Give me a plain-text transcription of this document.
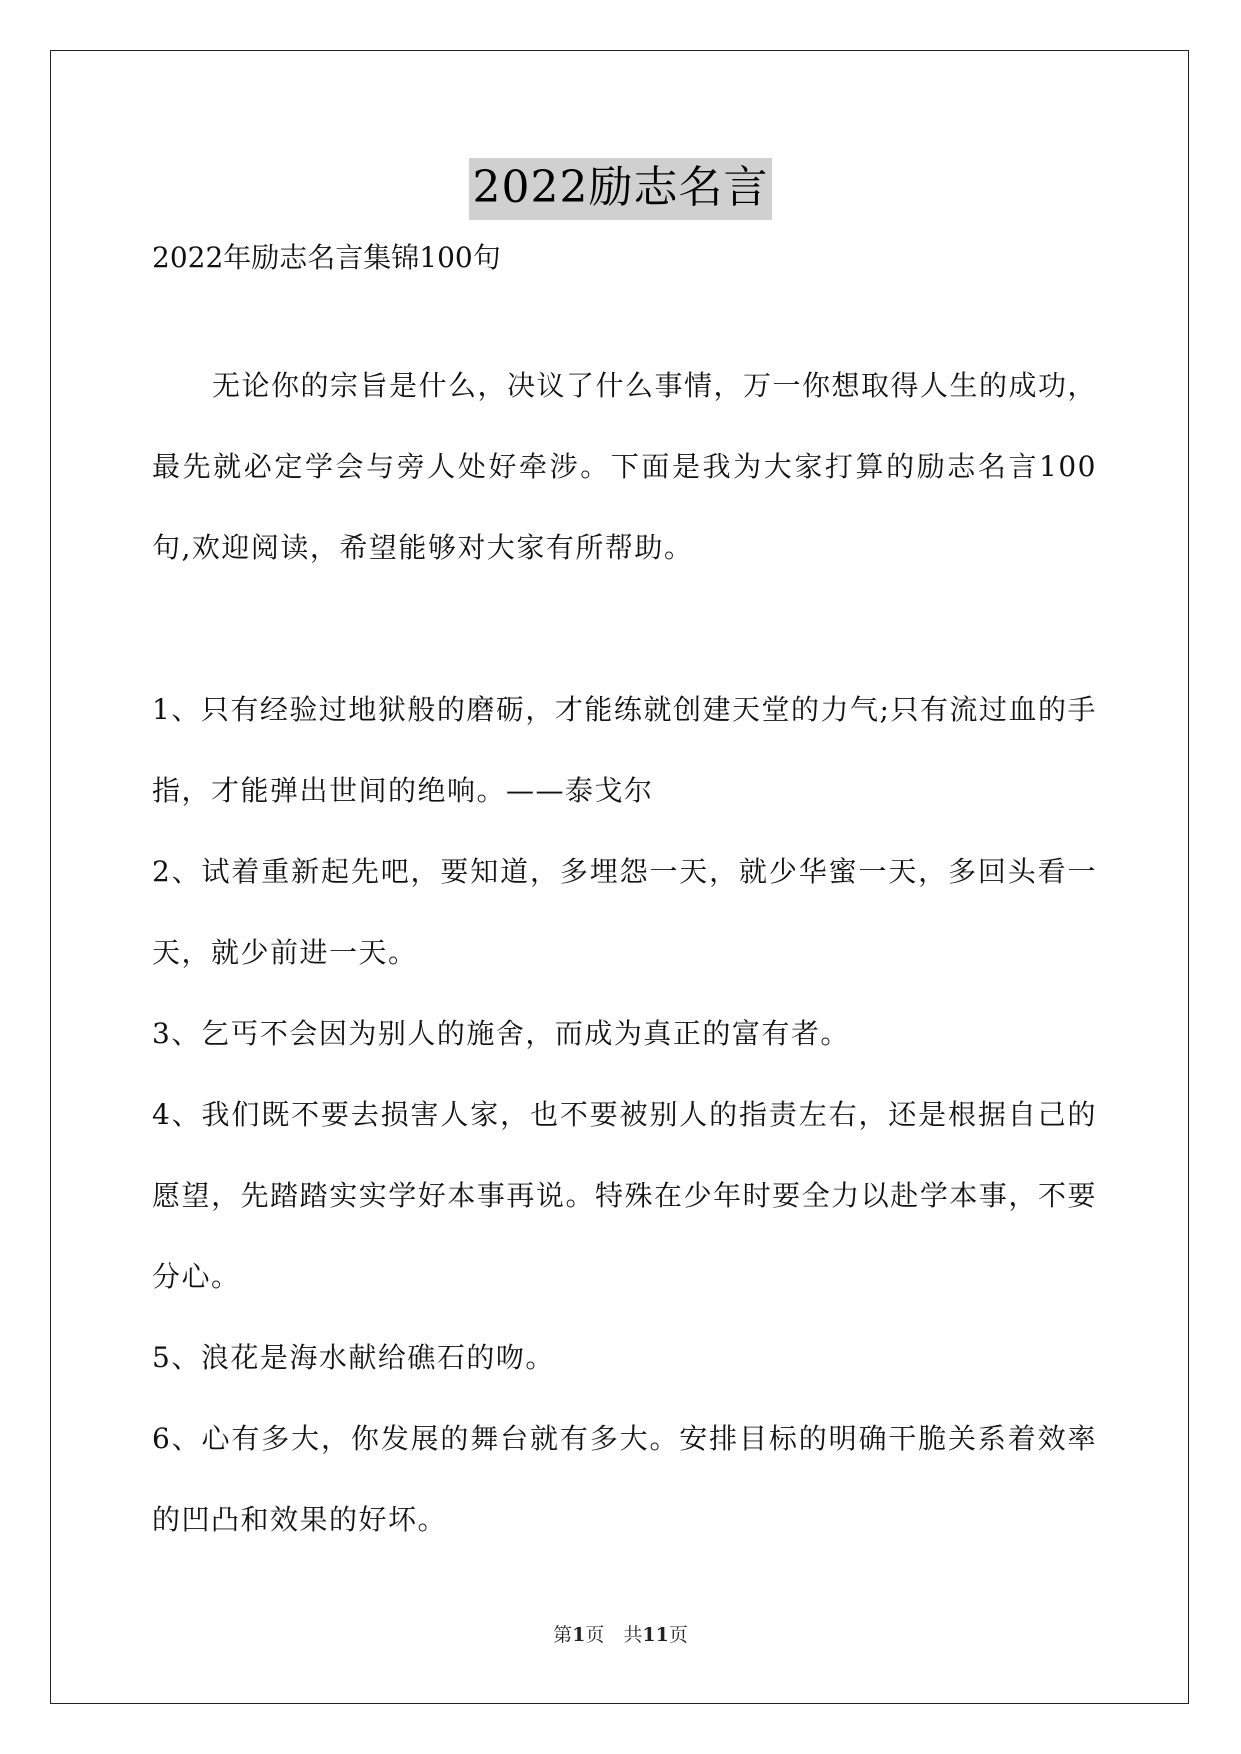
2022励志名言

2022年励志名言集锦100句

无论你的宗旨是什么，决议了什么事情，万一你想取得人生的成功，最先就必定学会与旁人处好牵涉。下面是我为大家打算的励志名言100句,欢迎阅读，希望能够对大家有所帮助。

1、只有经验过地狱般的磨砺，才能练就创建天堂的力气;只有流过血的手指，才能弹出世间的绝响。——泰戈尔

2、试着重新起先吧，要知道，多埋怨一天，就少华蜜一天，多回头看一天，就少前进一天。

3、乞丐不会因为别人的施舍，而成为真正的富有者。

4、我们既不要去损害人家，也不要被别人的指责左右，还是根据自己的愿望，先踏踏实实学好本事再说。特殊在少年时要全力以赴学本事，不要分心。

5、浪花是海水献给礁石的吻。

6、心有多大，你发展的舞台就有多大。安排目标的明确干脆关系着效率的凹凸和效果的好坏。

第1页　共11页
